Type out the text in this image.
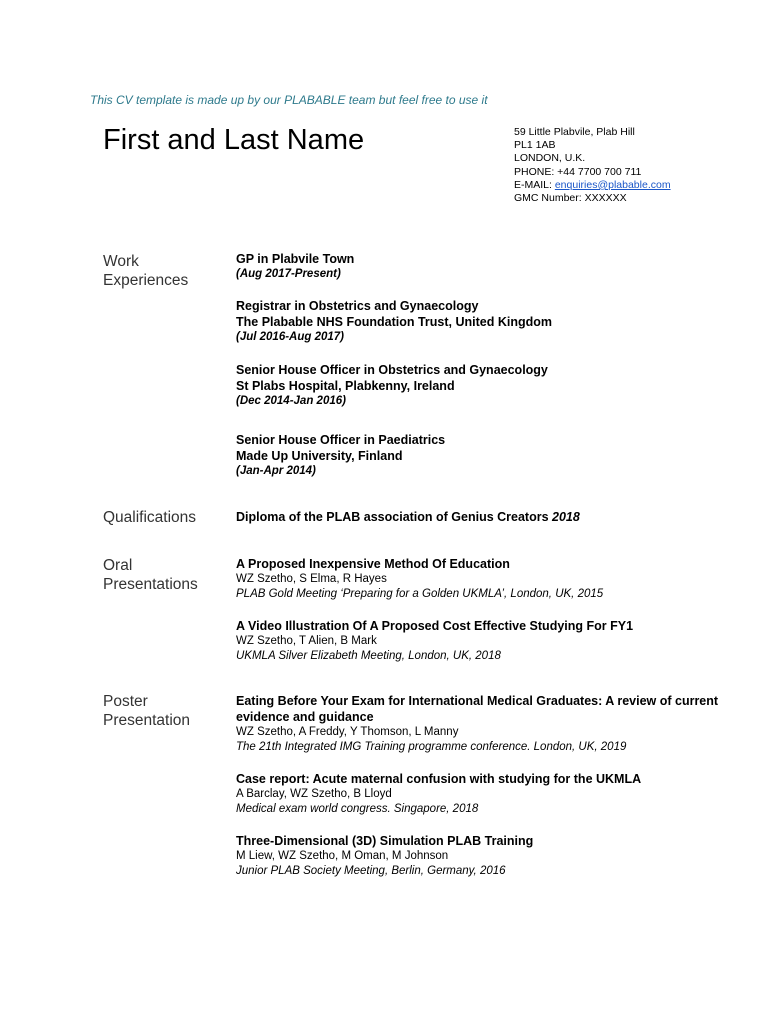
This CV template is made up by our PLABABLE team but feel free to use it
First and Last Name	59 Little Plabvile, Plab Hill
PL1 1AB
LONDON, U.K.
PHONE: +44 7700 700 711
E-MAIL: enquiries@plabable.com
GMC Number: XXXXXX
Work Experiences
GP in Plabvile Town
(Aug 2017-Present)
Registrar in Obstetrics and Gynaecology
The Plabable NHS Foundation Trust, United Kingdom
(Jul 2016-Aug 2017)
Senior House Officer in Obstetrics and Gynaecology
St Plabs Hospital, Plabkenny, Ireland
(Dec 2014-Jan 2016)
Senior House Officer in Paediatrics
Made Up University, Finland
(Jan-Apr 2014)
Qualifications	Diploma of the PLAB association of Genius Creators 2018
Oral Presentations
A Proposed Inexpensive Method Of Education
WZ Szetho, S Elma, R Hayes
PLAB Gold Meeting ‘Preparing for a Golden UKMLA’, London, UK, 2015
A Video Illustration Of A Proposed Cost Effective Studying For FY1
WZ Szetho, T Alien, B Mark
UKMLA Silver Elizabeth Meeting, London, UK, 2018
Poster Presentation
Eating Before Your Exam for International Medical Graduates: A review of current evidence and guidance
WZ Szetho, A Freddy, Y Thomson, L Manny
The 21th Integrated IMG Training programme conference. London, UK, 2019
Case report: Acute maternal confusion with studying for the UKMLA
A Barclay, WZ Szetho, B Lloyd
Medical exam world congress. Singapore, 2018
Three-Dimensional (3D) Simulation PLAB Training
M Liew, WZ Szetho, M Oman, M Johnson
Junior PLAB Society Meeting, Berlin, Germany, 2016
